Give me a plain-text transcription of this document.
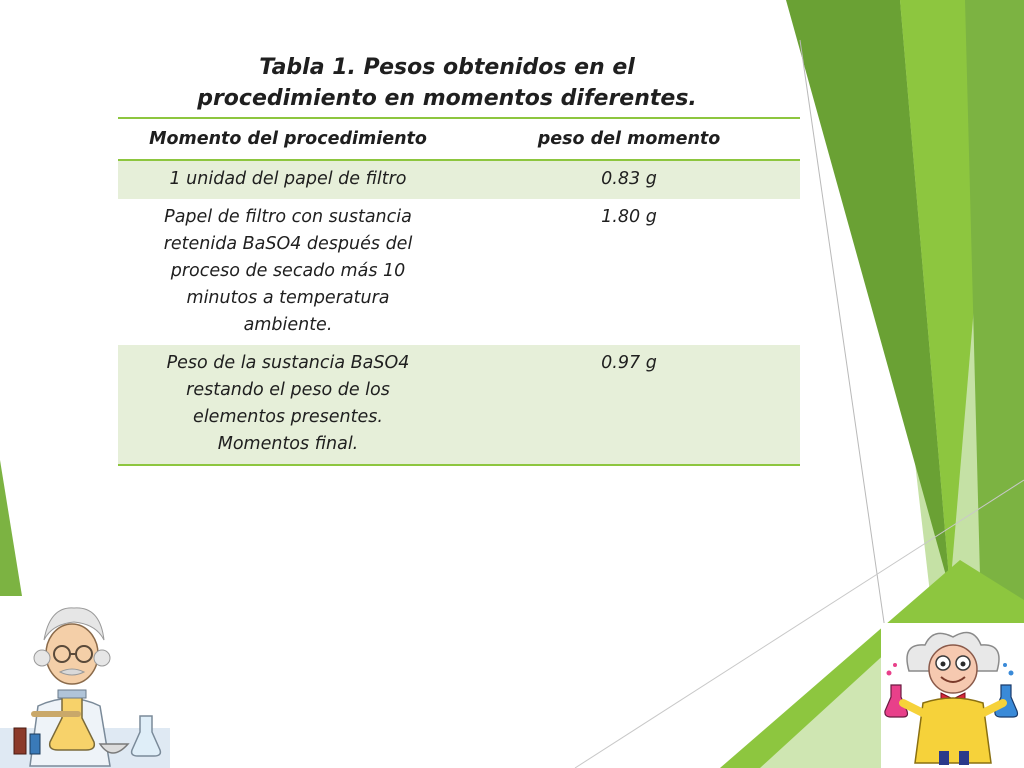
Tabla 1. Pesos obtenidos en el
procedimiento en momentos diferentes.
Momento del procedimiento	peso del momento

1 unidad del papel de filtro	0.83 g

Papel de filtro con sustancia
retenida BaSO4 después del
proceso de secado más 10
minutos a temperatura
ambiente.	1.80 g

Peso de la sustancia BaSO4
restando el peso de los
elementos presentes.
Momentos final.	0.97 g
